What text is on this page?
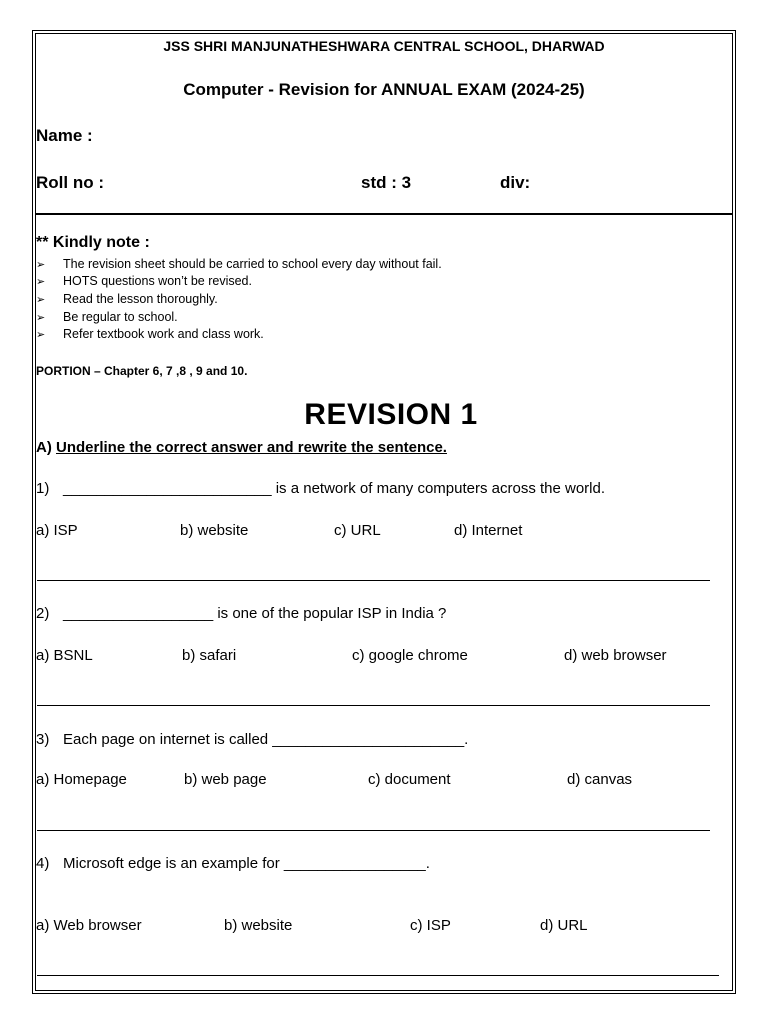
JSS SHRI MANJUNATHESHWARA CENTRAL SCHOOL, DHARWAD
Computer - Revision for ANNUAL EXAM (2024-25)
Name :
Roll no :	std : 3	div:
** Kindly note :
➢ The revision sheet should be carried to school every day without fail.
➢ HOTS questions won’t be revised.
➢ Read the lesson thoroughly.
➢ Be regular to school.
➢ Refer textbook work and class work.
PORTION – Chapter 6, 7 ,8 , 9 and 10.
REVISION 1
A) Underline the correct answer and rewrite the sentence.
1) _________________________ is a network of many computers across the world.
a) ISP	b) website	c) URL	d) Internet
2) __________________ is one of the popular ISP in India ?
a) BSNL	b) safari	c) google chrome	d) web browser
3) Each page on internet is called _______________________.
a) Homepage	b) web page	c) document	d) canvas
4) Microsoft edge is an example for _________________.
a) Web browser	b) website	c) ISP	d) URL
